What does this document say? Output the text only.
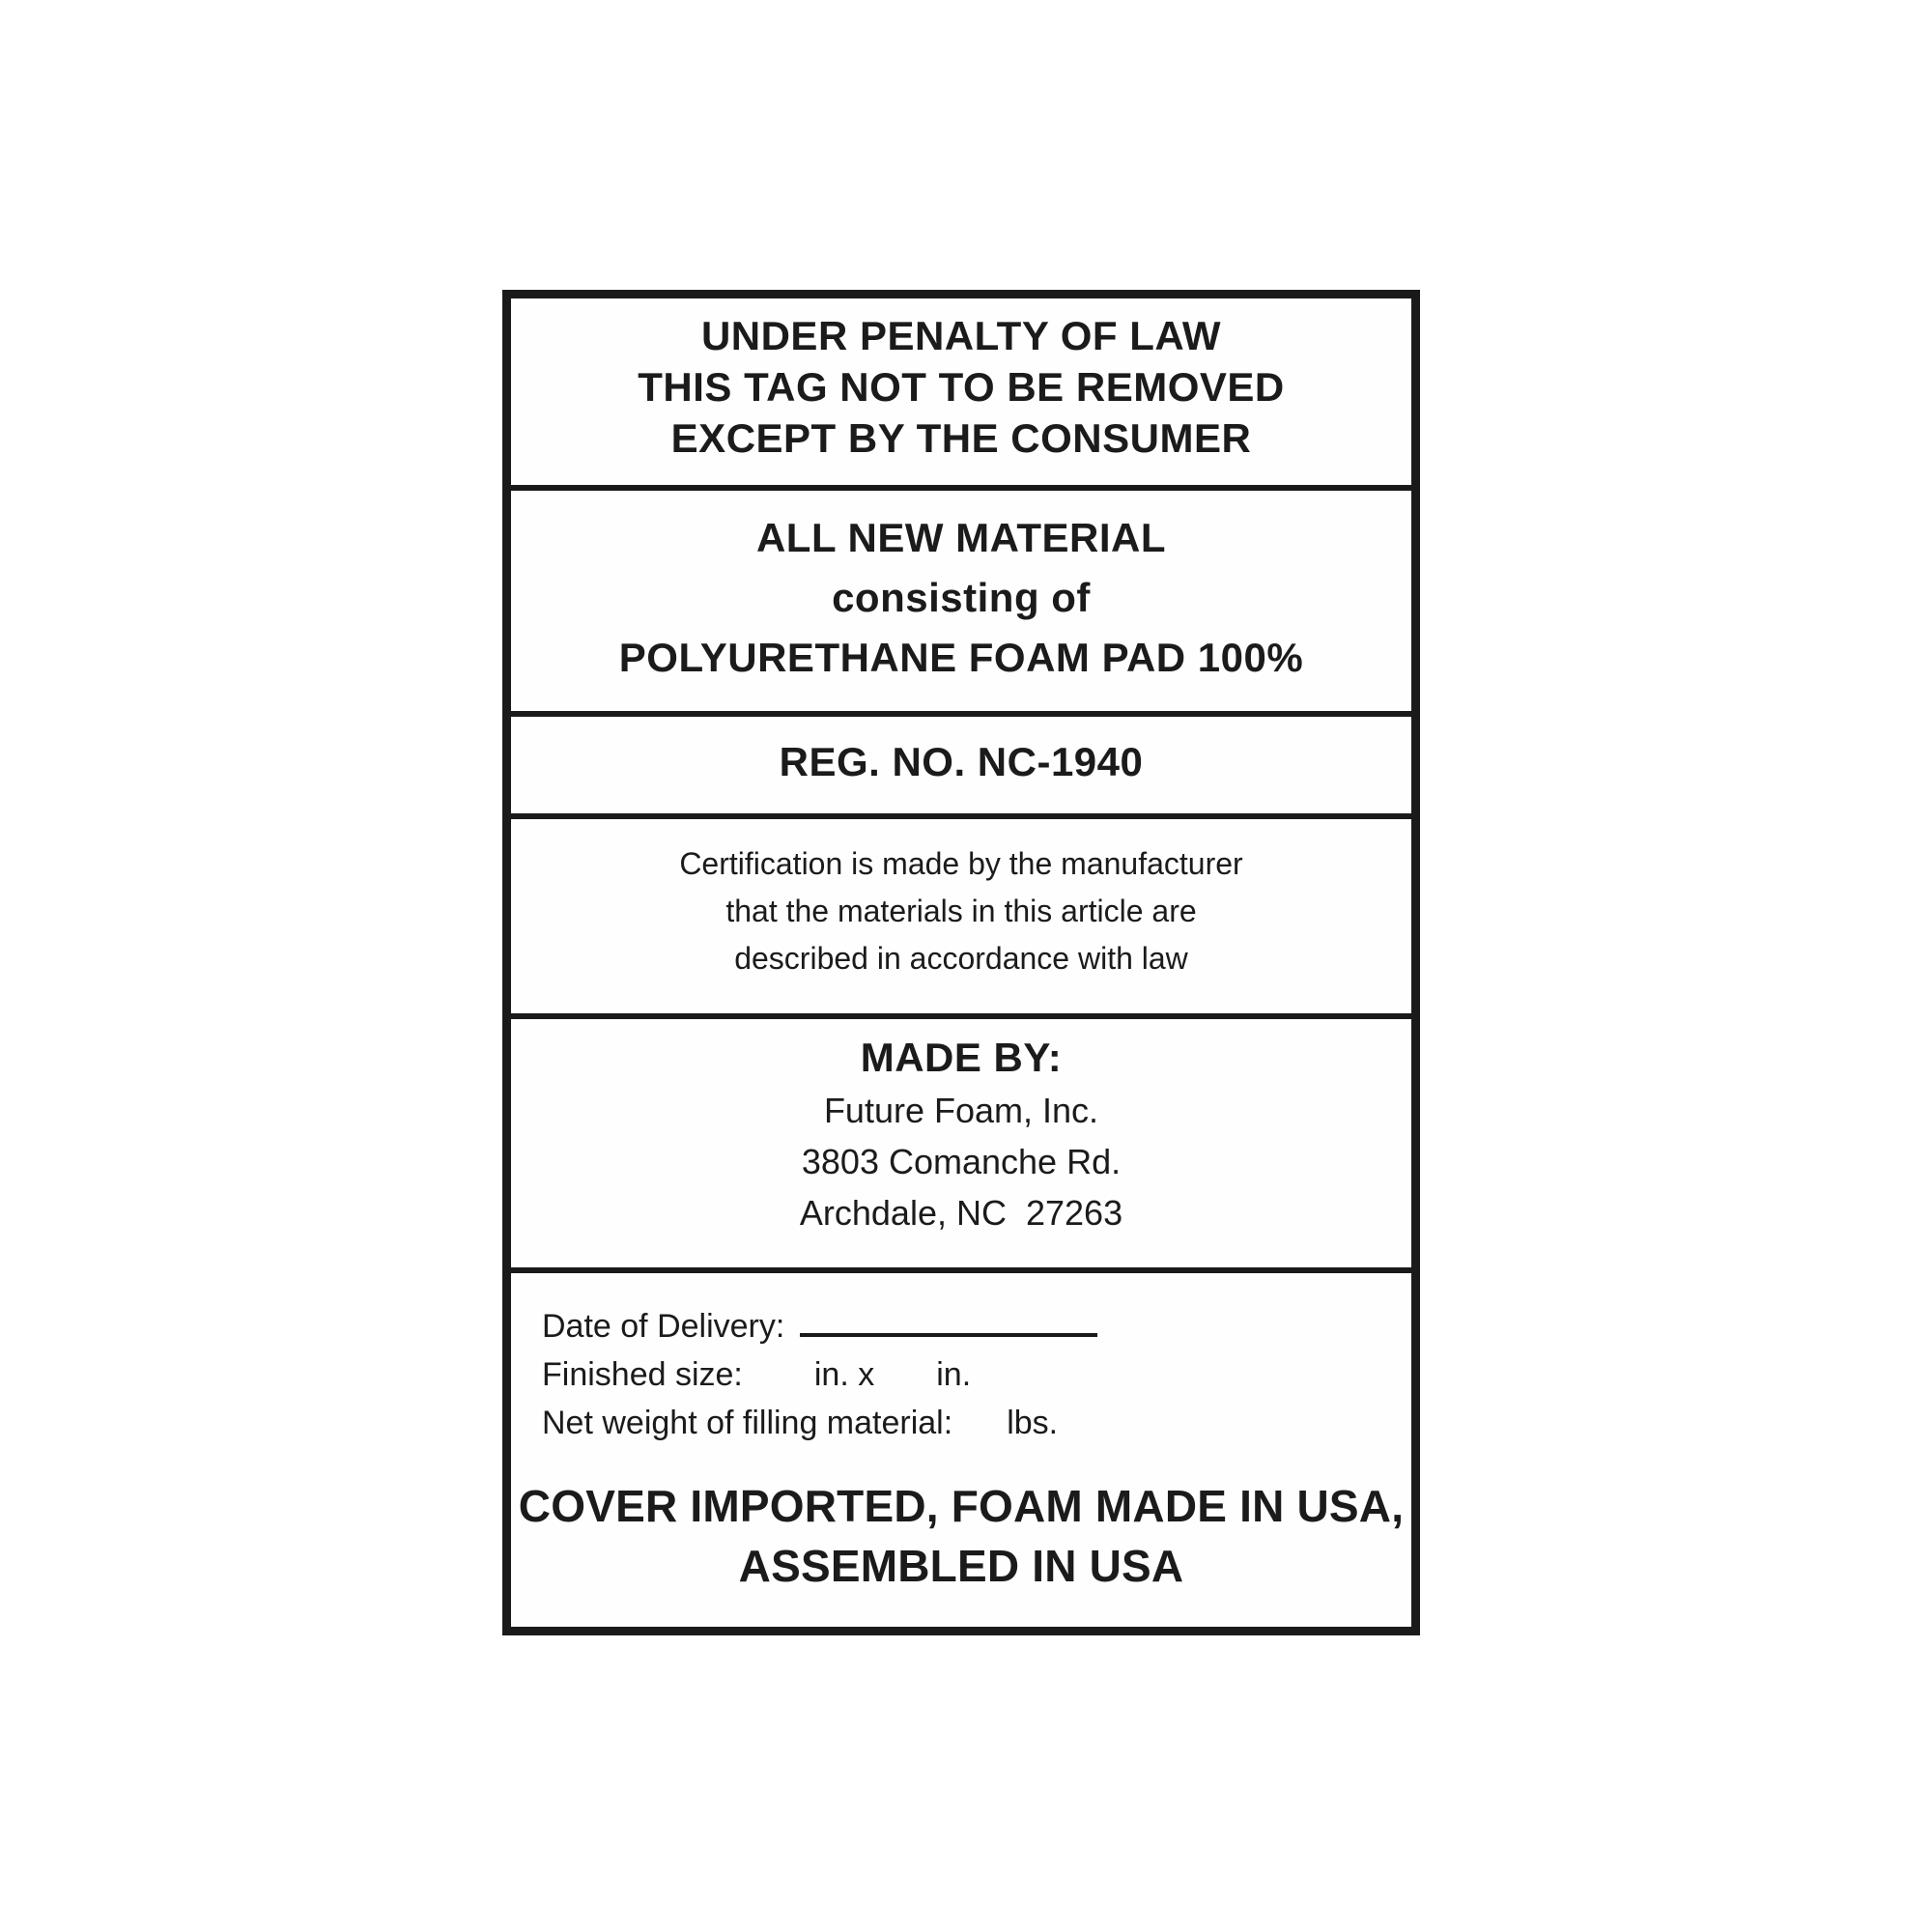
UNDER PENALTY OF LAW

THIS TAG NOT TO BE REMOVED

EXCEPT BY THE CONSUMER

ALL NEW MATERIAL

consisting of

POLYURETHANE FOAM PAD 100%

REG. NO. NC-1940

Certification is made by the manufacturer

that the materials in this article are

described in accordance with law

MADE BY:

Future Foam, Inc.

3803 Comanche Rd.

Archdale, NC  27263

Date of Delivery:

Finished size: in. x in.

Net weight of filling material: lbs.

COVER IMPORTED, FOAM MADE IN USA,

ASSEMBLED IN USA
